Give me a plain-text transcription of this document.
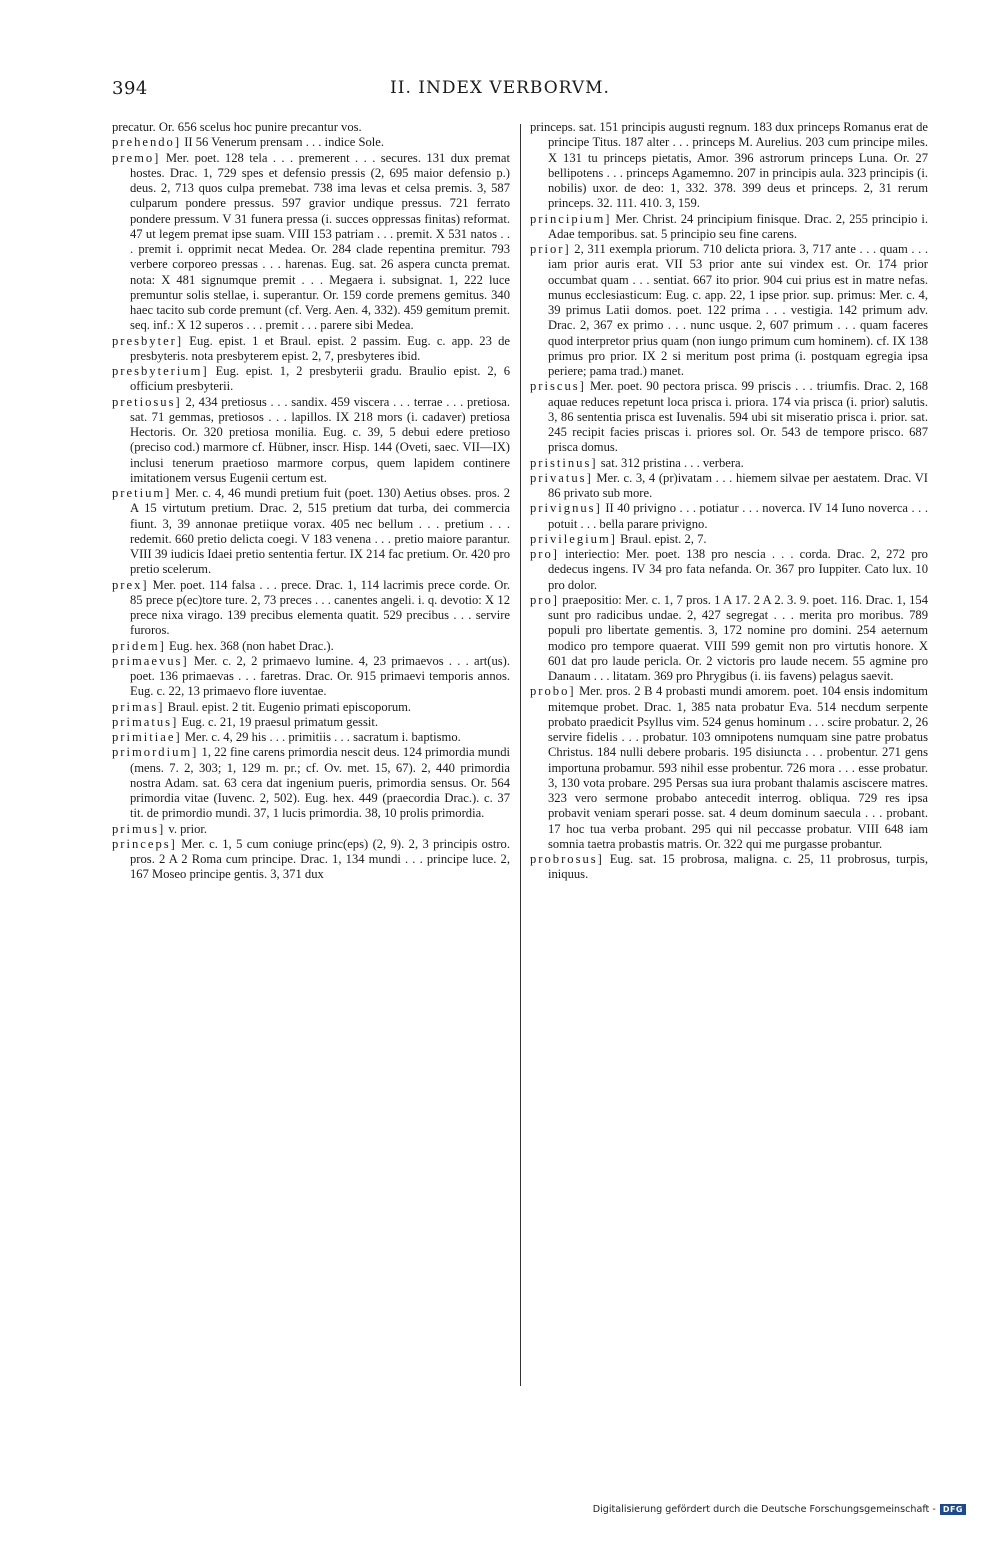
394	II. INDEX VERBORVM.

precatur. Or. 656 scelus hoc punire precantur vos.

prehendo] II 56 Venerum prensam . . . indice Sole.

premo] Mer. poet. 128 tela . . . premerent . . . secures. 131 dux premat hostes. Drac. 1, 729 spes et defensio pressis (2, 695 maior defensio p.) deus. 2, 713 quos culpa premebat. 738 ima levas et celsa premis. 3, 587 culparum pondere pressus. 597 gravior undique pressus. 721 ferrato pondere pressum. V 31 funera pressa (i. succes oppressas finitas) reformat. 47 ut legem premat ipse suam. VIII 153 patriam . . . premit. X 531 natos . . . premit i. opprimit necat Medea. Or. 284 clade repentina premitur. 793 verbere corporeo pressas . . . harenas. Eug. sat. 26 aspera cuncta premat. nota: X 481 signumque premit . . . Megaera i. subsignat. 1, 222 luce premuntur solis stellae, i. superantur. Or. 159 corde premens gemitus. 340 haec tacito sub corde premunt (cf. Verg. Aen. 4, 332). 459 gemitum premit. seq. inf.: X 12 superos . . . premit . . . parere sibi Medea.

presbyter] Eug. epist. 1 et Braul. epist. 2 passim. Eug. c. app. 23 de presbyteris. nota presbyterem epist. 2, 7, presbyteres ibid.

presbyterium] Eug. epist. 1, 2 presbyterii gradu. Braulio epist. 2, 6 officium presbyterii.

pretiosus] 2, 434 pretiosus . . . sandix. 459 viscera . . . terrae . . . pretiosa. sat. 71 gemmas, pretiosos . . . lapillos. IX 218 mors (i. cadaver) pretiosa Hectoris. Or. 320 pretiosa monilia. Eug. c. 39, 5 debui edere pretioso (preciso cod.) marmore cf. Hübner, inscr. Hisp. 144 (Oveti, saec. VII—IX) inclusi tenerum praetioso marmore corpus, quem lapidem continere imitationem versus Eugenii certum est.

pretium] Mer. c. 4, 46 mundi pretium fuit (poet. 130) Aetius obses. pros. 2 A 15 virtutum pretium. Drac. 2, 515 pretium dat turba, dei commercia fiunt. 3, 39 annonae pretiique vorax. 405 nec bellum . . . pretium . . . redemit. 660 pretio delicta coegi. V 183 venena . . . pretio maiore parantur. VIII 39 iudicis Idaei pretio sententia fertur. IX 214 fac pretium. Or. 420 pro pretio scelerum.

prex] Mer. poet. 114 falsa . . . prece. Drac. 1, 114 lacrimis prece corde. Or. 85 prece p(ec)tore ture. 2, 73 preces . . . canentes angeli. i. q. devotio: X 12 prece nixa virago. 139 precibus elementa quatit. 529 precibus . . . servire furoros.

pridem] Eug. hex. 368 (non habet Drac.).

primaevus] Mer. c. 2, 2 primaevo lumine. 4, 23 primaevos . . . art(us). poet. 136 primaevas . . . faretras. Drac. Or. 915 primaevi temporis annos. Eug. c. 22, 13 primaevo flore iuventae.

primas] Braul. epist. 2 tit. Eugenio primati episcoporum.

primatus] Eug. c. 21, 19 praesul primatum gessit.

primitiae] Mer. c. 4, 29 his . . . primitiis . . . sacratum i. baptismo.

primordium] 1, 22 fine carens primordia nescit deus. 124 primordia mundi (mens. 7. 2, 303; 1, 129 m. pr.; cf. Ov. met. 15, 67). 2, 440 primordia nostra Adam. sat. 63 cera dat ingenium pueris, primordia sensus. Or. 564 primordia vitae (Iuvenc. 2, 502). Eug. hex. 449 (praecordia Drac.). c. 37 tit. de primordio mundi. 37, 1 lucis primordia. 38, 10 prolis primordia.

primus] v. prior.

princeps] Mer. c. 1, 5 cum coniuge princ(eps) (2, 9). 2, 3 principis ostro. pros. 2 A 2 Roma cum principe. Drac. 1, 134 mundi . . . principe luce. 2, 167 Moseo principe gentis. 3, 371 dux

princeps. sat. 151 principis augusti regnum. 183 dux princeps Romanus erat de principe Titus. 187 alter . . . princeps M. Aurelius. 203 cum principe miles. X 131 tu princeps pietatis, Amor. 396 astrorum princeps Luna. Or. 27 bellipotens . . . princeps Agamemno. 207 in principis aula. 323 principis (i. nobilis) uxor. de deo: 1, 332. 378. 399 deus et princeps. 2, 31 rerum princeps. 32. 111. 410. 3, 159.

principium] Mer. Christ. 24 principium finisque. Drac. 2, 255 principio i. Adae temporibus. sat. 5 principio seu fine carens.

prior] 2, 311 exempla priorum. 710 delicta priora. 3, 717 ante . . . quam . . . iam prior auris erat. VII 53 prior ante sui vindex est. Or. 174 prior occumbat quam . . . sentiat. 667 ito prior. 904 cui prius est in matre nefas. munus ecclesiasticum: Eug. c. app. 22, 1 ipse prior. sup. primus: Mer. c. 4, 39 primus Latii domos. poet. 122 prima . . . vestigia. 142 primum adv. Drac. 2, 367 ex primo . . . nunc usque. 2, 607 primum . . . quam faceres quod interpretor prius quam (non iungo primum cum hominem). cf. IX 138 primus pro prior. IX 2 si meritum post prima (i. postquam egregia ipsa periere; pama trad.) manet.

priscus] Mer. poet. 90 pectora prisca. 99 priscis . . . triumfis. Drac. 2, 168 aquae reduces repetunt loca prisca i. priora. 174 via prisca (i. prior) salutis. 3, 86 sententia prisca est Iuvenalis. 594 ubi sit miseratio prisca i. prior. sat. 245 recipit facies priscas i. priores sol. Or. 543 de tempore prisco. 687 prisca domus.

pristinus] sat. 312 pristina . . . verbera.

privatus] Mer. c. 3, 4 (pr)ivatam . . . hiemem silvae per aestatem. Drac. VI 86 privato sub more.

privignus] II 40 privigno . . . potiatur . . . noverca. IV 14 Iuno noverca . . . potuit . . . bella parare privigno.

privilegium] Braul. epist. 2, 7.

pro] interiectio: Mer. poet. 138 pro nescia . . . corda. Drac. 2, 272 pro dedecus ingens. IV 34 pro fata nefanda. Or. 367 pro Iuppiter. Cato lux. 10 pro dolor.

pro] praepositio: Mer. c. 1, 7 pros. 1 A 17. 2 A 2. 3. 9. poet. 116. Drac. 1, 154 sunt pro radicibus undae. 2, 427 segregat . . . merita pro moribus. 789 populi pro libertate gementis. 3, 172 nomine pro domini. 254 aeternum modico pro tempore quaerat. VIII 599 gemit non pro virtutis honore. X 601 dat pro laude pericla. Or. 2 victoris pro laude necem. 55 agmine pro Danaum . . . litatam. 369 pro Phrygibus (i. iis favens) pelagus saevit.

probo] Mer. pros. 2 B 4 probasti mundi amorem. poet. 104 ensis indomitum mitemque probet. Drac. 1, 385 nata probatur Eva. 514 necdum serpente probato praedicit Psyllus vim. 524 genus hominum . . . scire probatur. 2, 26 servire fidelis . . . probatur. 103 omnipotens numquam sine patre probatus Christus. 184 nulli debere probaris. 195 disiuncta . . . probentur. 271 gens importuna probamur. 593 nihil esse probentur. 726 mora . . . esse probatur. 3, 130 vota probare. 295 Persas sua iura probant thalamis asciscere matres. 323 vero sermone probabo antecedit interrog. obliqua. 729 res ipsa probavit veniam sperari posse. sat. 4 deum dominum saecula . . . probant. 17 hoc tua verba probant. 295 qui nil peccasse probatur. VIII 648 iam somnia taetra probastis matris. Or. 322 qui me purgasse probantur.

probrosus] Eug. sat. 15 probrosa, maligna. c. 25, 11 probrosus, turpis, iniquus.

Digitalisierung gefördert durch die Deutsche Forschungsgemeinschaft - DFG
